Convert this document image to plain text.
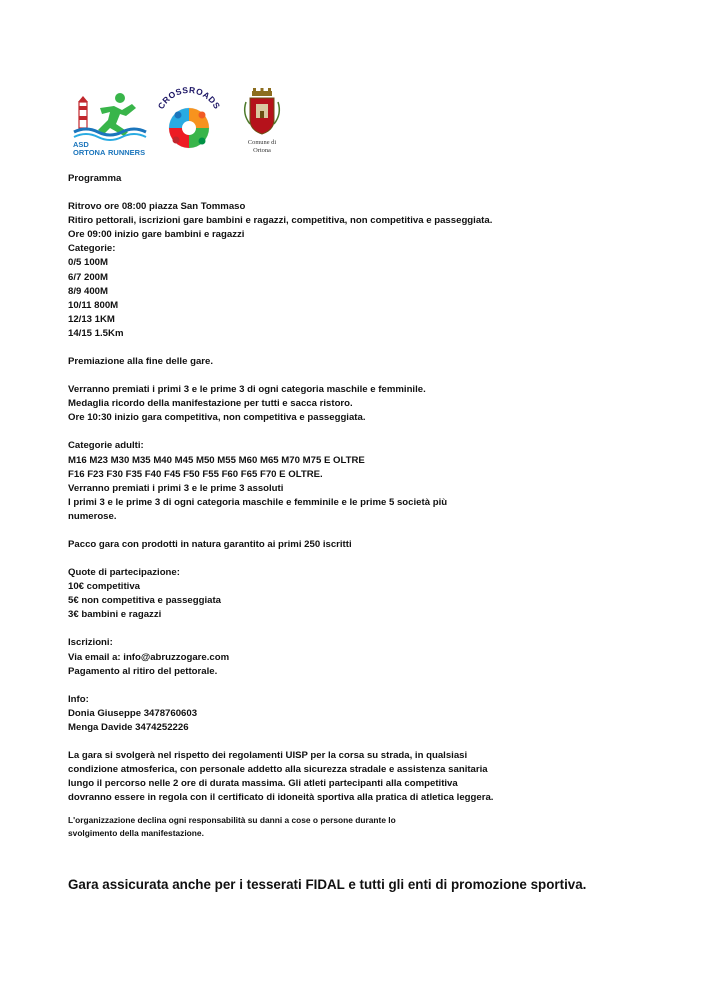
ASD
ORTONA RUNNERS
CROSSROADS
Comune di
Ortona

Programma

Ritrovo ore 08:00 piazza San Tommaso

Ritiro pettorali, iscrizioni gare bambini e ragazzi, competitiva, non competitiva e passeggiata.

Ore 09:00 inizio gare bambini e ragazzi

Categorie:

0/5 100M

6/7 200M

8/9 400M

10/11 800M

12/13 1KM

14/15 1.5Km

Premiazione alla fine delle gare.

Verranno premiati i primi 3 e le prime 3 di ogni categoria maschile e femminile.

Medaglia ricordo della manifestazione per tutti e sacca ristoro.

Ore 10:30 inizio gara competitiva, non competitiva e passeggiata.

Categorie adulti:

M16 M23 M30 M35 M40 M45 M50 M55 M60 M65 M70 M75 E OLTRE

F16 F23 F30 F35 F40 F45 F50 F55 F60 F65 F70 E OLTRE.

Verranno premiati i primi 3 e le prime 3 assoluti

I primi 3 e le prime 3 di ogni categoria maschile e femminile e le prime 5 società più

numerose.

Pacco gara con prodotti in natura garantito ai primi 250 iscritti

Quote di partecipazione:

10€ competitiva

5€ non competitiva e passeggiata

3€ bambini e ragazzi

Iscrizioni:

Via email a: info@abruzzogare.com

Pagamento al ritiro del pettorale.

Info:

Donia Giuseppe 3478760603

Menga Davide 3474252226

La gara si svolgerà nel rispetto dei regolamenti UISP per la corsa su strada, in qualsiasi

condizione atmosferica, con personale addetto alla sicurezza stradale e assistenza sanitaria

lungo il percorso nelle 2 ore di durata massima. Gli atleti partecipanti alla competitiva

dovranno essere in regola con il certificato di idoneità sportiva alla pratica di atletica leggera.

L'organizzazione declina ogni responsabilità su danni a cose o persone durante lo

svolgimento della manifestazione.

Gara assicurata anche per i tesserati FIDAL e tutti gli enti di promozione sportiva.
